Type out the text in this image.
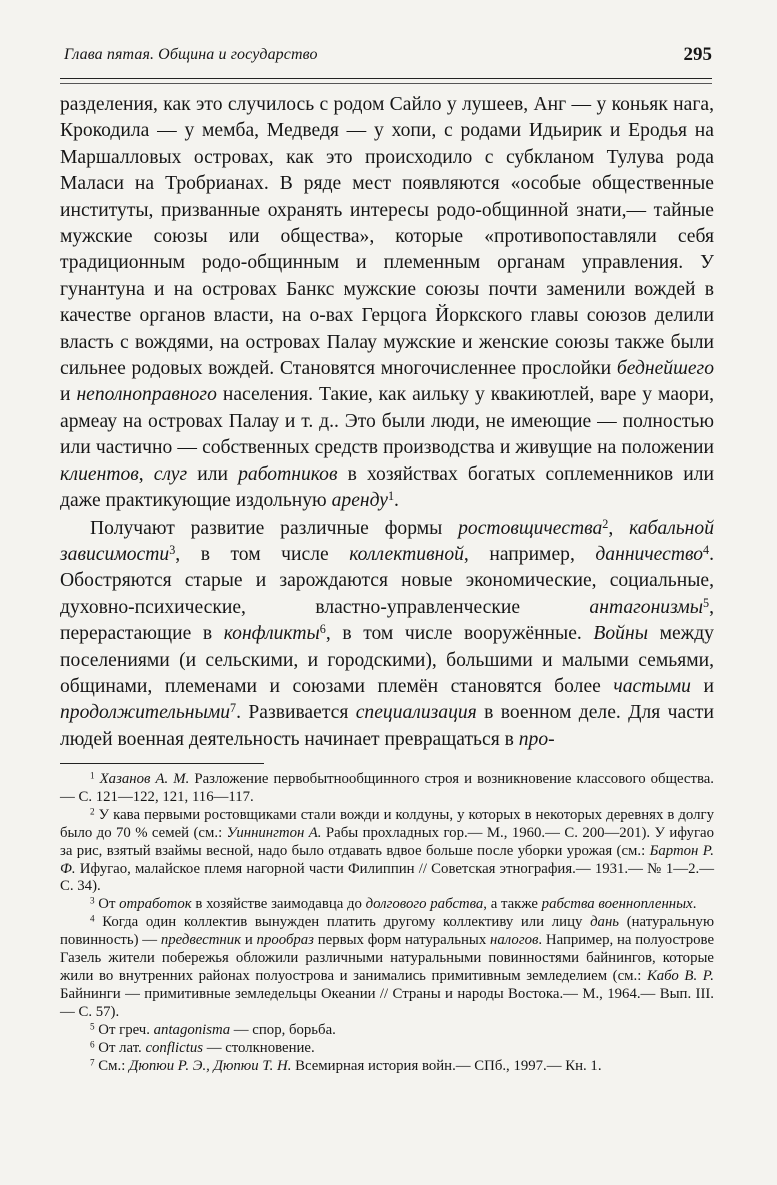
Глава пятая. Община и государство	295

разделения, как это случилось с родом Сайло у лушеев, Анг — у коньяк нага, Крокодила — у мемба, Медведя — у хопи, с родами Идьирик и Еродья на Маршалловых островах, как это происходило с субкланом Тулува рода Маласи на Тробрианах. В ряде мест появляются «особые общественные институты, призванные охранять интересы родо-общинной знати,— тайные мужские союзы или общества», которые «противопоставляли себя традиционным родо-общинным и племенным органам управления. У гунантуна и на островах Банкс мужские союзы почти заменили вождей в качестве органов власти, на о-вах Герцога Йоркского главы союзов делили власть с вождями, на островах Палау мужские и женские союзы также были сильнее родовых вождей. Становятся многочисленнее прослойки беднейшего и неполноправного населения. Такие, как аильку у квакиютлей, варе у маори, армеау на островах Палау и т. д.. Это были люди, не имеющие — полностью или частично — собственных средств производства и живущие на положении клиентов, слуг или работников в хозяйствах богатых соплеменников или даже практикующие издольную аренду$^1$.

Получают развитие различные формы ростовщичества$^2$, кабальной зависимости$^3$, в том числе коллективной, например, данничество$^4$. Обостряются старые и зарождаются новые экономические, социальные, духовно-психические, властно-управленческие антагонизмы$^5$, перерастающие в конфликты$^6$, в том числе вооружённые. Войны между поселениями (и сельскими, и городскими), большими и малыми семьями, общинами, племенами и союзами племён становятся более частыми и продолжительными$^7$. Развивается специализация в военном деле. Для части людей военная деятельность начинает превращаться в про-

$^1$ Хазанов А. М. Разложение первобытнообщинного строя и возникновение классового общества.— С. 121—122, 121, 116—117.

$^2$ У кава первыми ростовщиками стали вожди и колдуны, у которых в некоторых деревнях в долгу было до 70 % семей (см.: Уиннингтон А. Рабы прохладных гор.— М., 1960.— С. 200—201). У ифугао за рис, взятый взаймы весной, надо было отдавать вдвое больше после уборки урожая (см.: Бартон Р. Ф. Ифугао, малайское племя нагорной части Филиппин // Советская этнография.— 1931.— № 1—2.— С. 34).

$^3$ От отработок в хозяйстве заимодавца до долгового рабства, а также рабства военнопленных.

$^4$ Когда один коллектив вынужден платить другому коллективу или лицу дань (натуральную повинность) — предвестник и прообраз первых форм натуральных налогов. Например, на полуострове Газель жители побережья обложили различными натуральными повинностями байнингов, которые жили во внутренних районах полуострова и занимались примитивным земледелием (см.: Кабо В. Р. Байнинги — примитивные земледельцы Океании // Страны и народы Востока.— М., 1964.— Вып. III.— С. 57).

$^5$ От греч. antagonisma — спор, борьба.

$^6$ От лат. conflictus — столкновение.

$^7$ См.: Дюпюи Р. Э., Дюпюи Т. Н. Всемирная история войн.— СПб., 1997.— Кн. 1.
